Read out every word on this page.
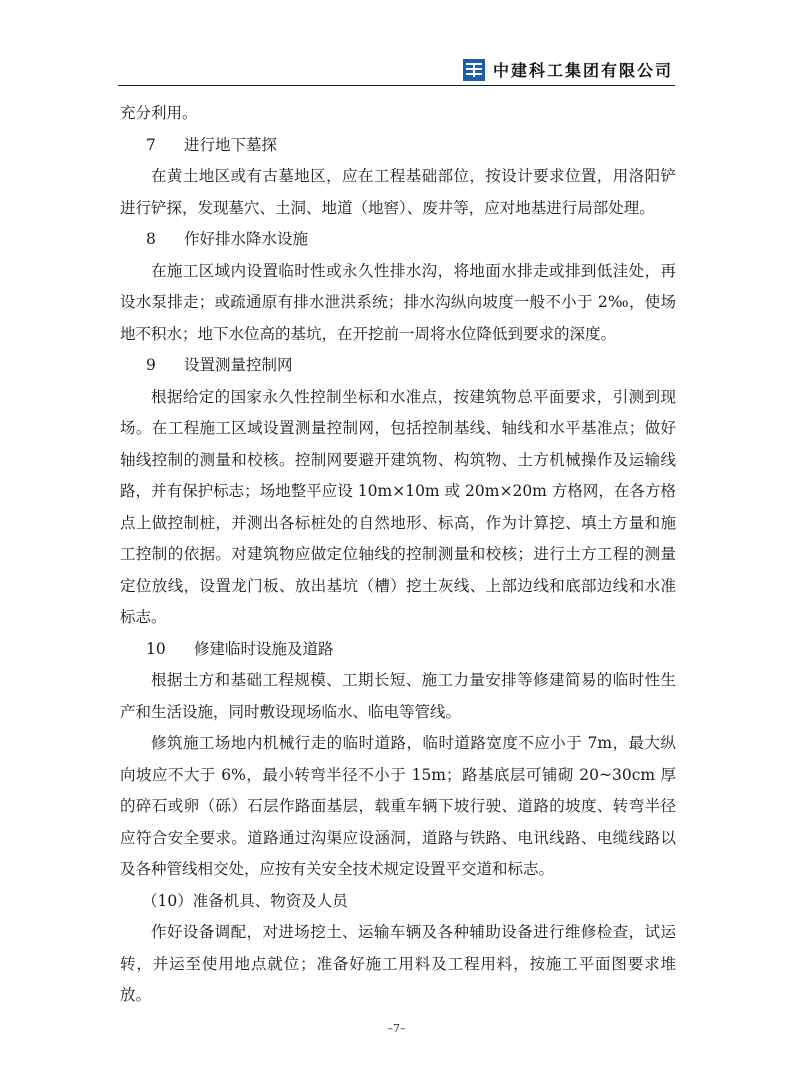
中建科工集团有限公司

充分利用。

7 进行地下墓探

在黄土地区或有古墓地区，应在工程基础部位，按设计要求位置，用洛阳铲进行铲探，发现墓穴、土洞、地道（地窖）、废井等，应对地基进行局部处理。

8 作好排水降水设施

在施工区域内设置临时性或永久性排水沟，将地面水排走或排到低洼处，再设水泵排走；或疏通原有排水泄洪系统；排水沟纵向坡度一般不小于 2‰，使场地不积水；地下水位高的基坑，在开挖前一周将水位降低到要求的深度。

9 设置测量控制网

根据给定的国家永久性控制坐标和水准点，按建筑物总平面要求，引测到现场。在工程施工区域设置测量控制网，包括控制基线、轴线和水平基准点；做好轴线控制的测量和校核。控制网要避开建筑物、构筑物、土方机械操作及运输线路，并有保护标志；场地整平应设 10m×10m 或 20m×20m 方格网，在各方格点上做控制桩，并测出各标桩处的自然地形、标高，作为计算挖、填土方量和施工控制的依据。对建筑物应做定位轴线的控制测量和校核；进行土方工程的测量定位放线，设置龙门板、放出基坑（槽）挖土灰线、上部边线和底部边线和水准标志。

10 修建临时设施及道路

根据土方和基础工程规模、工期长短、施工力量安排等修建简易的临时性生产和生活设施，同时敷设现场临水、临电等管线。

修筑施工场地内机械行走的临时道路，临时道路宽度不应小于 7m，最大纵向坡应不大于 6%，最小转弯半径不小于 15m；路基底层可铺砌 20~30cm 厚的碎石或卵（砾）石层作路面基层，载重车辆下坡行驶、道路的坡度、转弯半径应符合安全要求。道路通过沟渠应设涵洞，道路与铁路、电讯线路、电缆线路以及各种管线相交处，应按有关安全技术规定设置平交道和标志。

（10）准备机具、物资及人员

作好设备调配，对进场挖土、运输车辆及各种辅助设备进行维修检查，试运转，并运至使用地点就位；准备好施工用料及工程用料，按施工平面图要求堆放。

–7–
